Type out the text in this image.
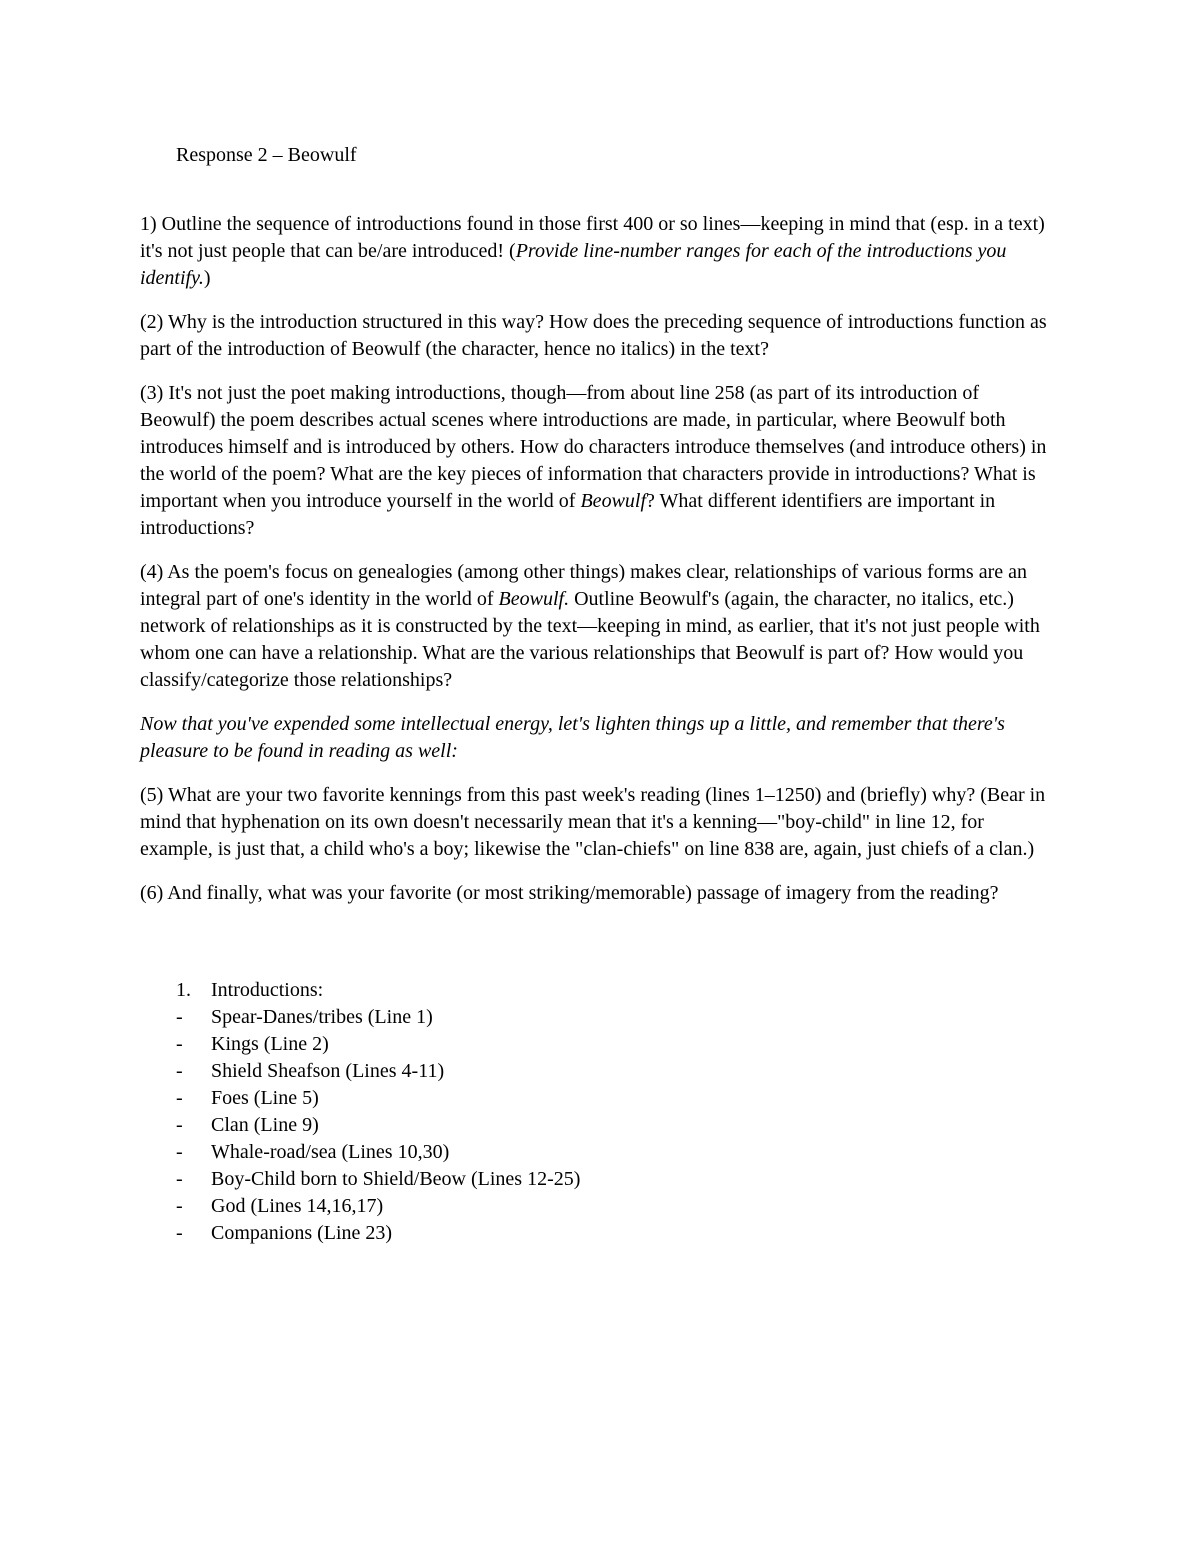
Response 2 – Beowulf

1) Outline the sequence of introductions found in those first 400 or so lines—keeping in mind that (esp. in a text) it's not just people that can be/are introduced! (Provide line-number ranges for each of the introductions you identify.)

(2) Why is the introduction structured in this way? How does the preceding sequence of introductions function as part of the introduction of Beowulf (the character, hence no italics) in the text?

(3) It's not just the poet making introductions, though—from about line 258 (as part of its introduction of Beowulf) the poem describes actual scenes where introductions are made, in particular, where Beowulf both introduces himself and is introduced by others. How do characters introduce themselves (and introduce others) in the world of the poem? What are the key pieces of information that characters provide in introductions? What is important when you introduce yourself in the world of Beowulf? What different identifiers are important in introductions?

(4) As the poem's focus on genealogies (among other things) makes clear, relationships of various forms are an integral part of one's identity in the world of Beowulf. Outline Beowulf's (again, the character, no italics, etc.) network of relationships as it is constructed by the text—keeping in mind, as earlier, that it's not just people with whom one can have a relationship. What are the various relationships that Beowulf is part of? How would you classify/categorize those relationships?

Now that you've expended some intellectual energy, let's lighten things up a little, and remember that there's pleasure to be found in reading as well:

(5) What are your two favorite kennings from this past week's reading (lines 1–1250) and (briefly) why? (Bear in mind that hyphenation on its own doesn't necessarily mean that it's a kenning—"boy-child" in line 12, for example, is just that, a child who's a boy; likewise the "clan-chiefs" on line 838 are, again, just chiefs of a clan.)

(6) And finally, what was your favorite (or most striking/memorable) passage of imagery from the reading?

1.	Introductions:
-	Spear-Danes/tribes (Line 1)
-	Kings (Line 2)
-	Shield Sheafson (Lines 4-11)
-	Foes (Line 5)
-	Clan (Line 9)
-	Whale-road/sea (Lines 10,30)
-	Boy-Child born to Shield/Beow (Lines 12-25)
-	God (Lines 14,16,17)
-	Companions (Line 23)
